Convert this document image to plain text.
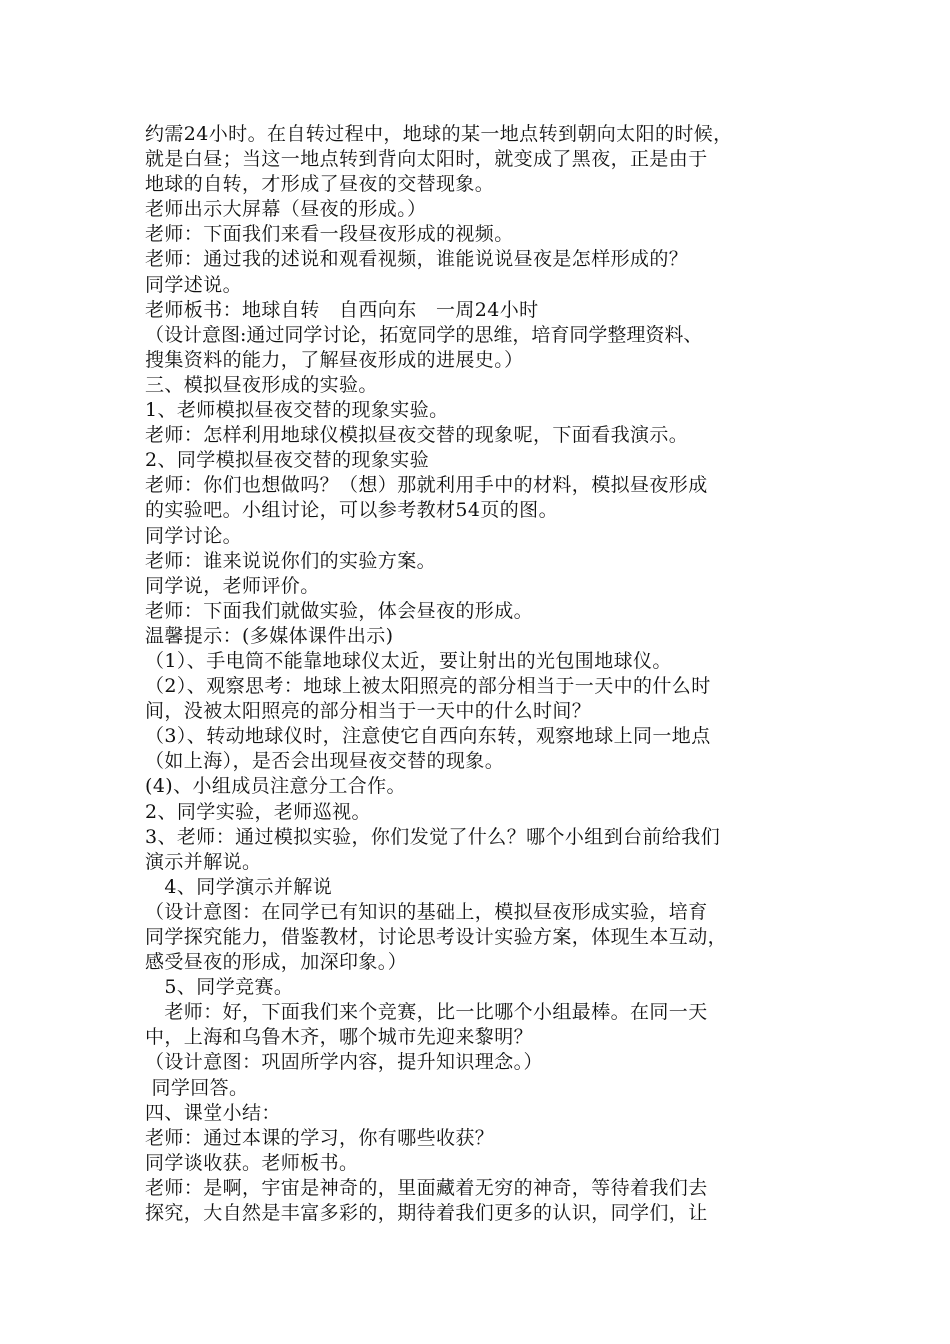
约需24小时。在自转过程中，地球的某一地点转到朝向太阳的时候，
就是白昼；当这一地点转到背向太阳时，就变成了黑夜，正是由于
地球的自转，才形成了昼夜的交替现象。
老师出示大屏幕（昼夜的形成。）
老师：下面我们来看一段昼夜形成的视频。
老师：通过我的述说和观看视频，谁能说说昼夜是怎样形成的？
同学述说。
老师板书：地球自转　自西向东　一周24小时
（设计意图:通过同学讨论，拓宽同学的思维，培育同学整理资料、
搜集资料的能力，了解昼夜形成的进展史。）
三、模拟昼夜形成的实验。
1、老师模拟昼夜交替的现象实验。
老师：怎样利用地球仪模拟昼夜交替的现象呢，下面看我演示。
2、同学模拟昼夜交替的现象实验
老师：你们也想做吗？（想）那就利用手中的材料，模拟昼夜形成
的实验吧。小组讨论，可以参考教材54页的图。
同学讨论。
老师：谁来说说你们的实验方案。
同学说，老师评价。
老师：下面我们就做实验，体会昼夜的形成。
温馨提示：(多媒体课件出示)
（1）、手电筒不能靠地球仪太近，要让射出的光包围地球仪。
（2）、观察思考：地球上被太阳照亮的部分相当于一天中的什么时
间，没被太阳照亮的部分相当于一天中的什么时间？
（3）、转动地球仪时，注意使它自西向东转，观察地球上同一地点
（如上海），是否会出现昼夜交替的现象。
(4)、小组成员注意分工合作。
2、同学实验，老师巡视。
3、老师：通过模拟实验，你们发觉了什么？哪个小组到台前给我们
演示并解说。
　4、同学演示并解说
（设计意图：在同学已有知识的基础上，模拟昼夜形成实验，培育
同学探究能力，借鉴教材，讨论思考设计实验方案，体现生本互动，
感受昼夜的形成，加深印象。）
　5、同学竞赛。
　老师：好，下面我们来个竞赛，比一比哪个小组最棒。在同一天
中，上海和乌鲁木齐，哪个城市先迎来黎明？
（设计意图：巩固所学内容，提升知识理念。）
同学回答。
四、课堂小结：
老师：通过本课的学习，你有哪些收获？
同学谈收获。老师板书。
老师：是啊，宇宙是神奇的，里面藏着无穷的神奇，等待着我们去
探究，大自然是丰富多彩的，期待着我们更多的认识，同学们，让
